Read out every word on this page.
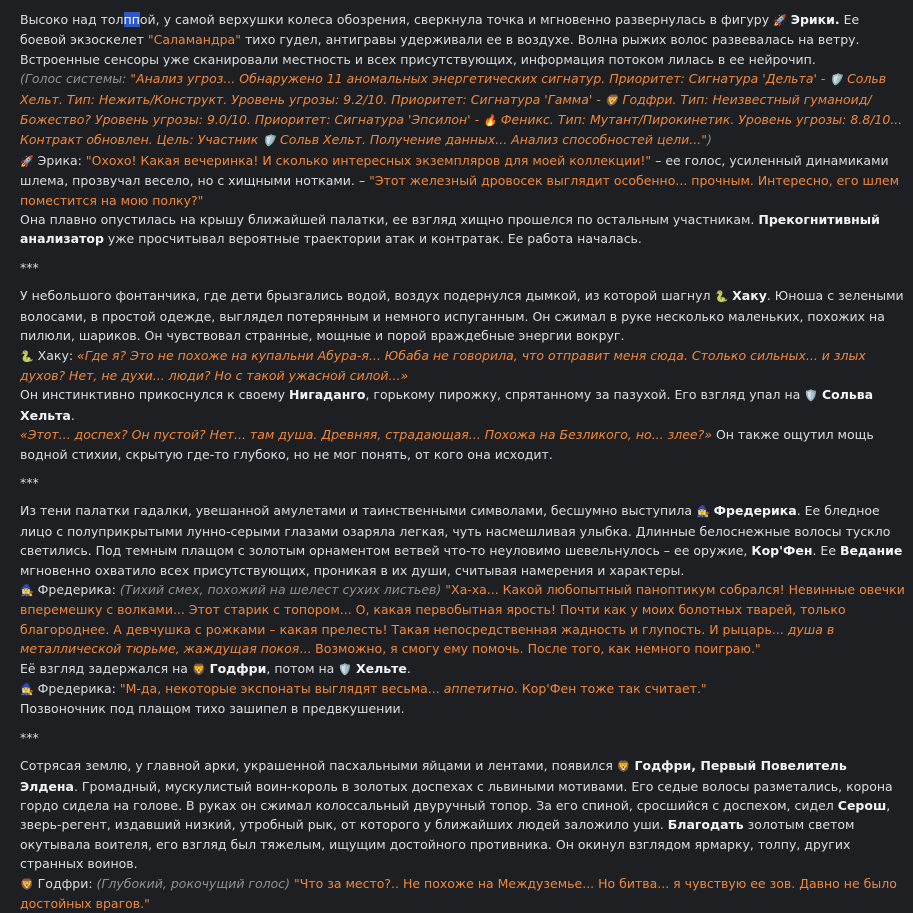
Высоко над толппой, у самой верхушки колеса обозрения, сверкнула точка и мгновенно развернулась в фигуру 🚀 Эрики. Ее боевой экзоскелет "Саламандра" тихо гудел, антигравы удерживали ее в воздухе. Волна рыжих волос развевалась на ветру. Встроенные сенсоры уже сканировали местность и всех присутствующих, информация потоком лилась в ее нейрочип.

(Голос системы: "Анализ угроз... Обнаружено 11 аномальных энергетических сигнатур. Приоритет: Сигнатура 'Дельта' - 🛡️ Сольв Хельт. Тип: Нежить/Конструкт. Уровень угрозы: 9.2/10. Приоритет: Сигнатура 'Гамма' - 🦁 Годфри. Тип: Неизвестный гуманоид/Божество? Уровень угрозы: 9.0/10. Приоритет: Сигнатура 'Эпсилон' - 🔥 Феникс. Тип: Мутант/Пирокинетик. Уровень угрозы: 8.8/10... Контракт обновлен. Цель: Участник 🛡️ Сольв Хельт. Получение данных... Анализ способностей цели...")

🚀 Эрика: "Охохо! Какая вечеринка! И сколько интересных экземпляров для моей коллекции!" – ее голос, усиленный динамиками шлема, прозвучал весело, но с хищными нотками. – "Этот железный дровосек выглядит особенно... прочным. Интересно, его шлем поместится на мою полку?"

Она плавно опустилась на крышу ближайшей палатки, ее взгляд хищно прошелся по остальным участникам. Прекогнитивный анализатор уже просчитывал вероятные траектории атак и контратак. Ее работа началась.

***

У небольшого фонтанчика, где дети брызгались водой, воздух подернулся дымкой, из которой шагнул 🐍 Хаку. Юноша с зелеными волосами, в простой одежде, выглядел потерянным и немного испуганным. Он сжимал в руке несколько маленьких, похожих на пилюли, шариков. Он чувствовал странные, мощные и порой враждебные энергии вокруг.

🐍 Хаку: «Где я? Это не похоже на купальни Абура-я... Юбаба не говорила, что отправит меня сюда. Столько сильных... и злых духов? Нет, не духи... люди? Но с такой ужасной силой...»

Он инстинктивно прикоснулся к своему Нигаданго, горькому пирожку, спрятанному за пазухой. Его взгляд упал на 🛡️ Сольва Хельта.
«Этот... доспех? Он пустой? Нет... там душа. Древняя, страдающая... Похожа на Безликого, но... злее?» Он также ощутил мощь водной стихии, скрытую где-то глубоко, но не мог понять, от кого она исходит.

***

Из тени палатки гадалки, увешанной амулетами и таинственными символами, бесшумно выступила 🧙‍♀️ Фредерика. Ее бледное лицо с полуприкрытыми лунно-серыми глазами озаряла легкая, чуть насмешливая улыбка. Длинные белоснежные волосы тускло светились. Под темным плащом с золотым орнаментом ветвей что-то неуловимо шевельнулось – ее оружие, Кор'Фен. Ее Ведание мгновенно охватило всех присутствующих, проникая в их души, считывая намерения и характеры.

🧙‍♀️ Фредерика: (Тихий смех, похожий на шелест сухих листьев) "Ха-ха... Какой любопытный паноптикум собрался! Невинные овечки вперемешку с волками... Этот старик с топором... О, какая первобытная ярость! Почти как у моих болотных тварей, только благороднее. А девчушка с рожками – какая прелесть! Такая непосредственная жадность и глупость. И рыцарь... душа в металлической тюрьме, жаждущая покоя... Возможно, я смогу ему помочь. После того, как немного поиграю."

Её взгляд задержался на 🦁 Годфри, потом на 🛡️ Хельте.

🧙‍♀️ Фредерика: "М-да, некоторые экспонаты выглядят весьма... аппетитно. Кор'Фен тоже так считает."

Позвоночник под плащом тихо зашипел в предвкушении.

***

Сотрясая землю, у главной арки, украшенной пасхальными яйцами и лентами, появился 🦁 Годфри, Первый Повелитель Элдена. Громадный, мускулистый воин-король в золотых доспехах с львиными мотивами. Его седые волосы разметались, корона гордо сидела на голове. В руках он сжимал колоссальный двуручный топор. За его спиной, сросшийся с доспехом, сидел Серош, зверь-регент, издавший низкий, утробный рык, от которого у ближайших людей заложило уши. Благодать золотым светом окутывала воителя, его взгляд был тяжелым, ищущим достойного противника. Он окинул взглядом ярмарку, толпу, других странных воинов.

🦁 Годфри: (Глубокий, рокочущий голос) "Что за место?.. Не похоже на Междуземье... Но битва... я чувствую ее зов. Давно не было достойных врагов."
